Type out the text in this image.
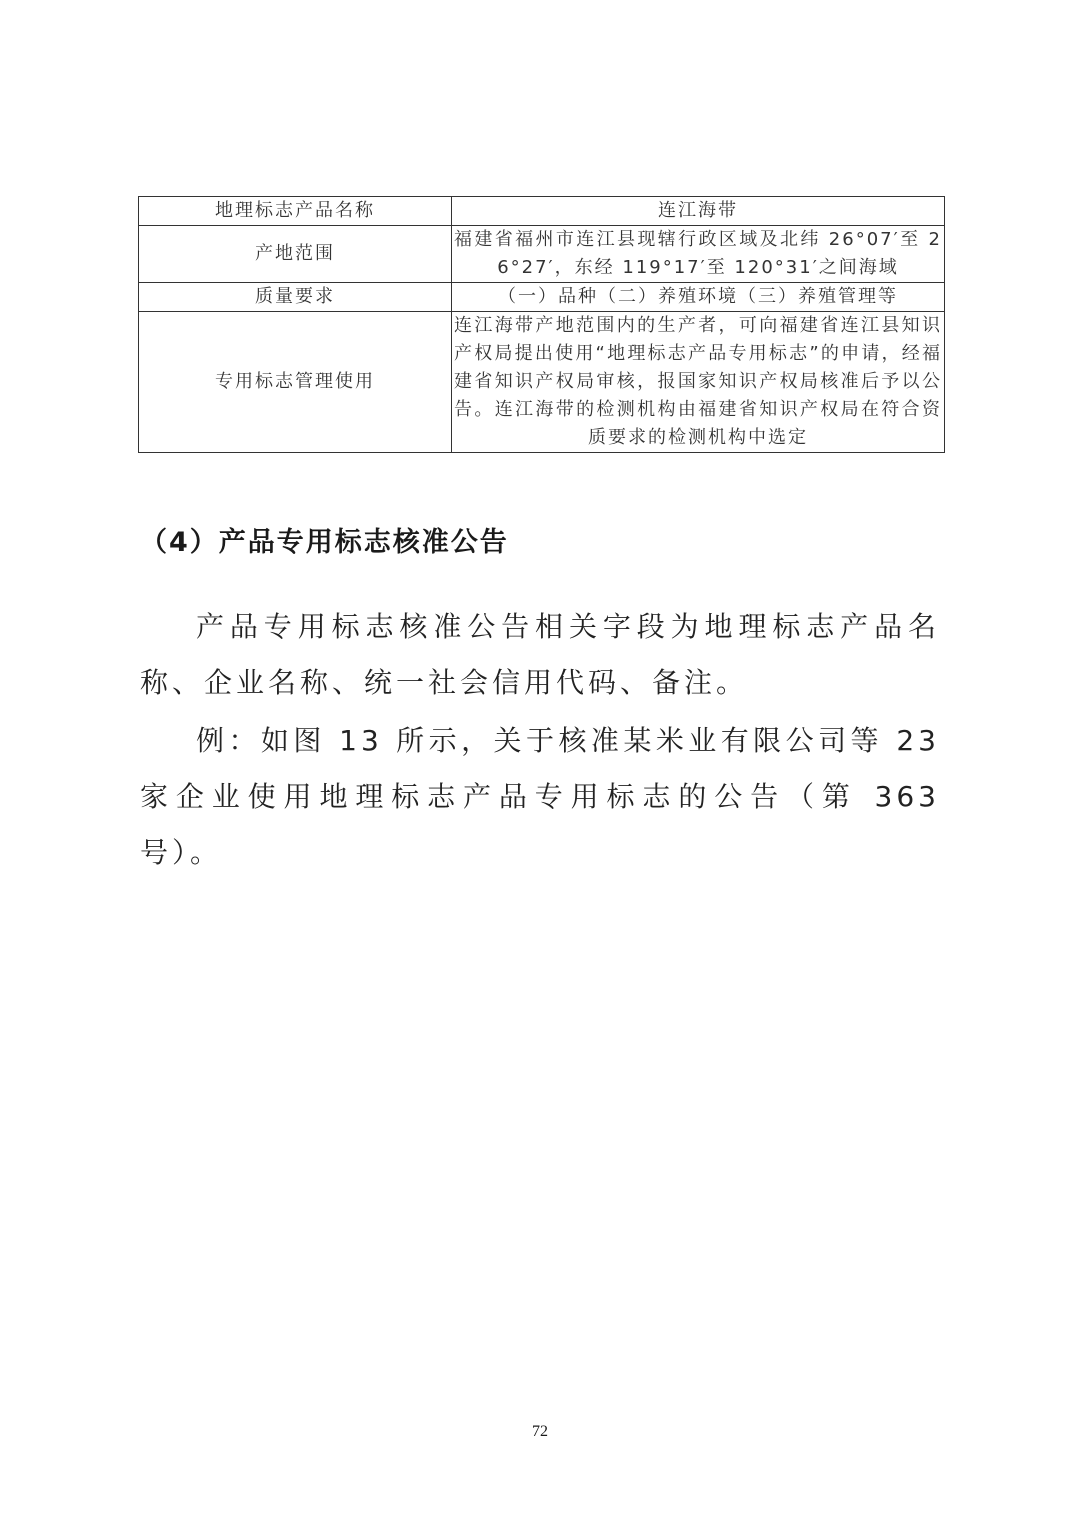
地理标志产品名称	连江海带
产地范围	福建省福州市连江县现辖行政区域及北纬 26°07′至 26°27′，东经 119°17′至 120°31′之间海域
质量要求	（一）品种（二）养殖环境（三）养殖管理等
专用标志管理使用	连江海带产地范围内的生产者，可向福建省连江县知识产权局提出使用“地理标志产品专用标志”的申请，经福建省知识产权局审核，报国家知识产权局核准后予以公告。连江海带的检测机构由福建省知识产权局在符合资质要求的检测机构中选定
（4）产品专用标志核准公告

产品专用标志核准公告相关字段为地理标志产品名称、企业名称、统一社会信用代码、备注。

例：如图 13 所示，关于核准某米业有限公司等 23 家企业使用地理标志产品专用标志的公告（第 363 号）。

72
